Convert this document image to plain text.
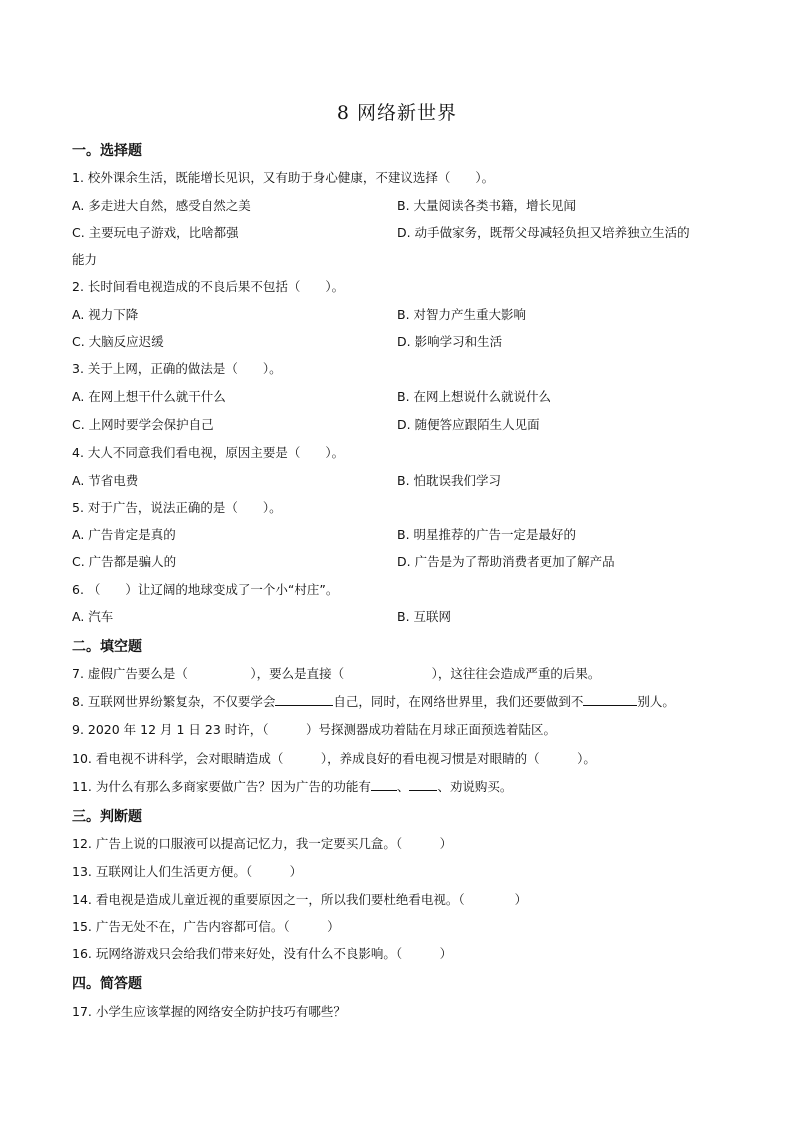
8 网络新世界
一。选择题
1. 校外课余生活，既能增长见识，又有助于身心健康，不建议选择（　　）。
A. 多走进大自然，感受自然之美	B. 大量阅读各类书籍，增长见闻
C. 主要玩电子游戏，比啥都强	D. 动手做家务，既帮父母减轻负担又培养独立生活的
能力
2. 长时间看电视造成的不良后果不包括（　　）。
A. 视力下降	B. 对智力产生重大影响
C. 大脑反应迟缓	D. 影响学习和生活
3. 关于上网，正确的做法是（　　）。
A. 在网上想干什么就干什么	B. 在网上想说什么就说什么
C. 上网时要学会保护自己	D. 随便答应跟陌生人见面
4. 大人不同意我们看电视，原因主要是（　　）。
A. 节省电费	B. 怕耽误我们学习
5. 对于广告，说法正确的是（　　）。
A. 广告肯定是真的	B. 明星推荐的广告一定是最好的
C. 广告都是骗人的	D. 广告是为了帮助消费者更加了解产品
6. （　　）让辽阔的地球变成了一个小“村庄”。
A. 汽车	B. 互联网
二。填空题
7. 虚假广告要么是（　　　　　），要么是直接（　　　　　　　），这往往会造成严重的后果。
8. 互联网世界纷繁复杂，不仅要学会	自己，同时，在网络世界里，我们还要做到不	别人。
9. 2020 年 12 月 1 日 23 时许，（　　　）号探测器成功着陆在月球正面预选着陆区。
10. 看电视不讲科学，会对眼睛造成（　　　），养成良好的看电视习惯是对眼睛的（　　　）。
11. 为什么有那么多商家要做广告？因为广告的功能有 、 、劝说购买。
三。判断题
12. 广告上说的口服液可以提高记忆力，我一定要买几盒。（　　　）
13. 互联网让人们生活更方便。（　　　）
14. 看电视是造成儿童近视的重要原因之一，所以我们要杜绝看电视。（　　　　）
15. 广告无处不在，广告内容都可信。（　　　）
16. 玩网络游戏只会给我们带来好处，没有什么不良影响。（　　　）
四。简答题
17. 小学生应该掌握的网络安全防护技巧有哪些？
